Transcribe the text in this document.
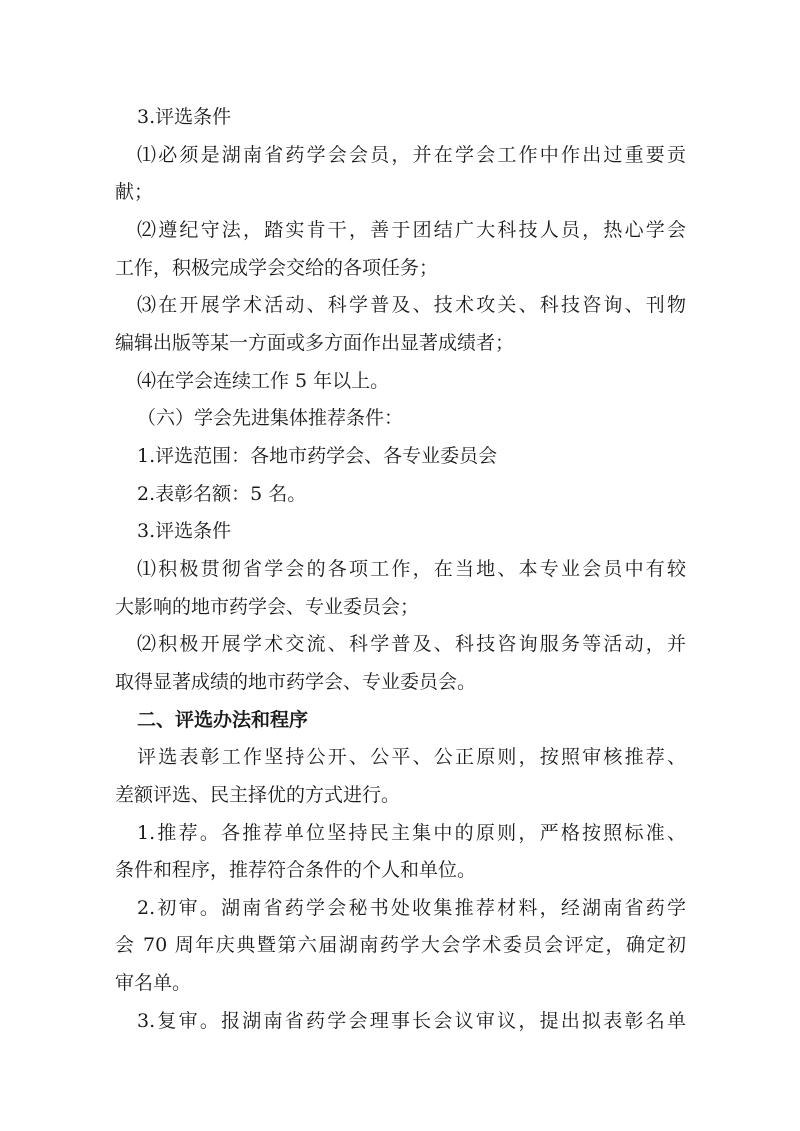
3.评选条件
⑴必须是湖南省药学会会员，并在学会工作中作出过重要贡
献；
⑵遵纪守法，踏实肯干，善于团结广大科技人员，热心学会
工作，积极完成学会交给的各项任务；
⑶在开展学术活动、科学普及、技术攻关、科技咨询、刊物
编辑出版等某一方面或多方面作出显著成绩者；
⑷在学会连续工作 5 年以上。
（六）学会先进集体推荐条件：
1.评选范围：各地市药学会、各专业委员会
2.表彰名额：5 名。
3.评选条件
⑴积极贯彻省学会的各项工作，在当地、本专业会员中有较
大影响的地市药学会、专业委员会；
⑵积极开展学术交流、科学普及、科技咨询服务等活动，并
取得显著成绩的地市药学会、专业委员会。
二、评选办法和程序
评选表彰工作坚持公开、公平、公正原则，按照审核推荐、
差额评选、民主择优的方式进行。
1.推荐。各推荐单位坚持民主集中的原则，严格按照标准、
条件和程序，推荐符合条件的个人和单位。
2.初审。湖南省药学会秘书处收集推荐材料，经湖南省药学
会 70 周年庆典暨第六届湖南药学大会学术委员会评定，确定初
审名单。
3.复审。报湖南省药学会理事长会议审议，提出拟表彰名单
